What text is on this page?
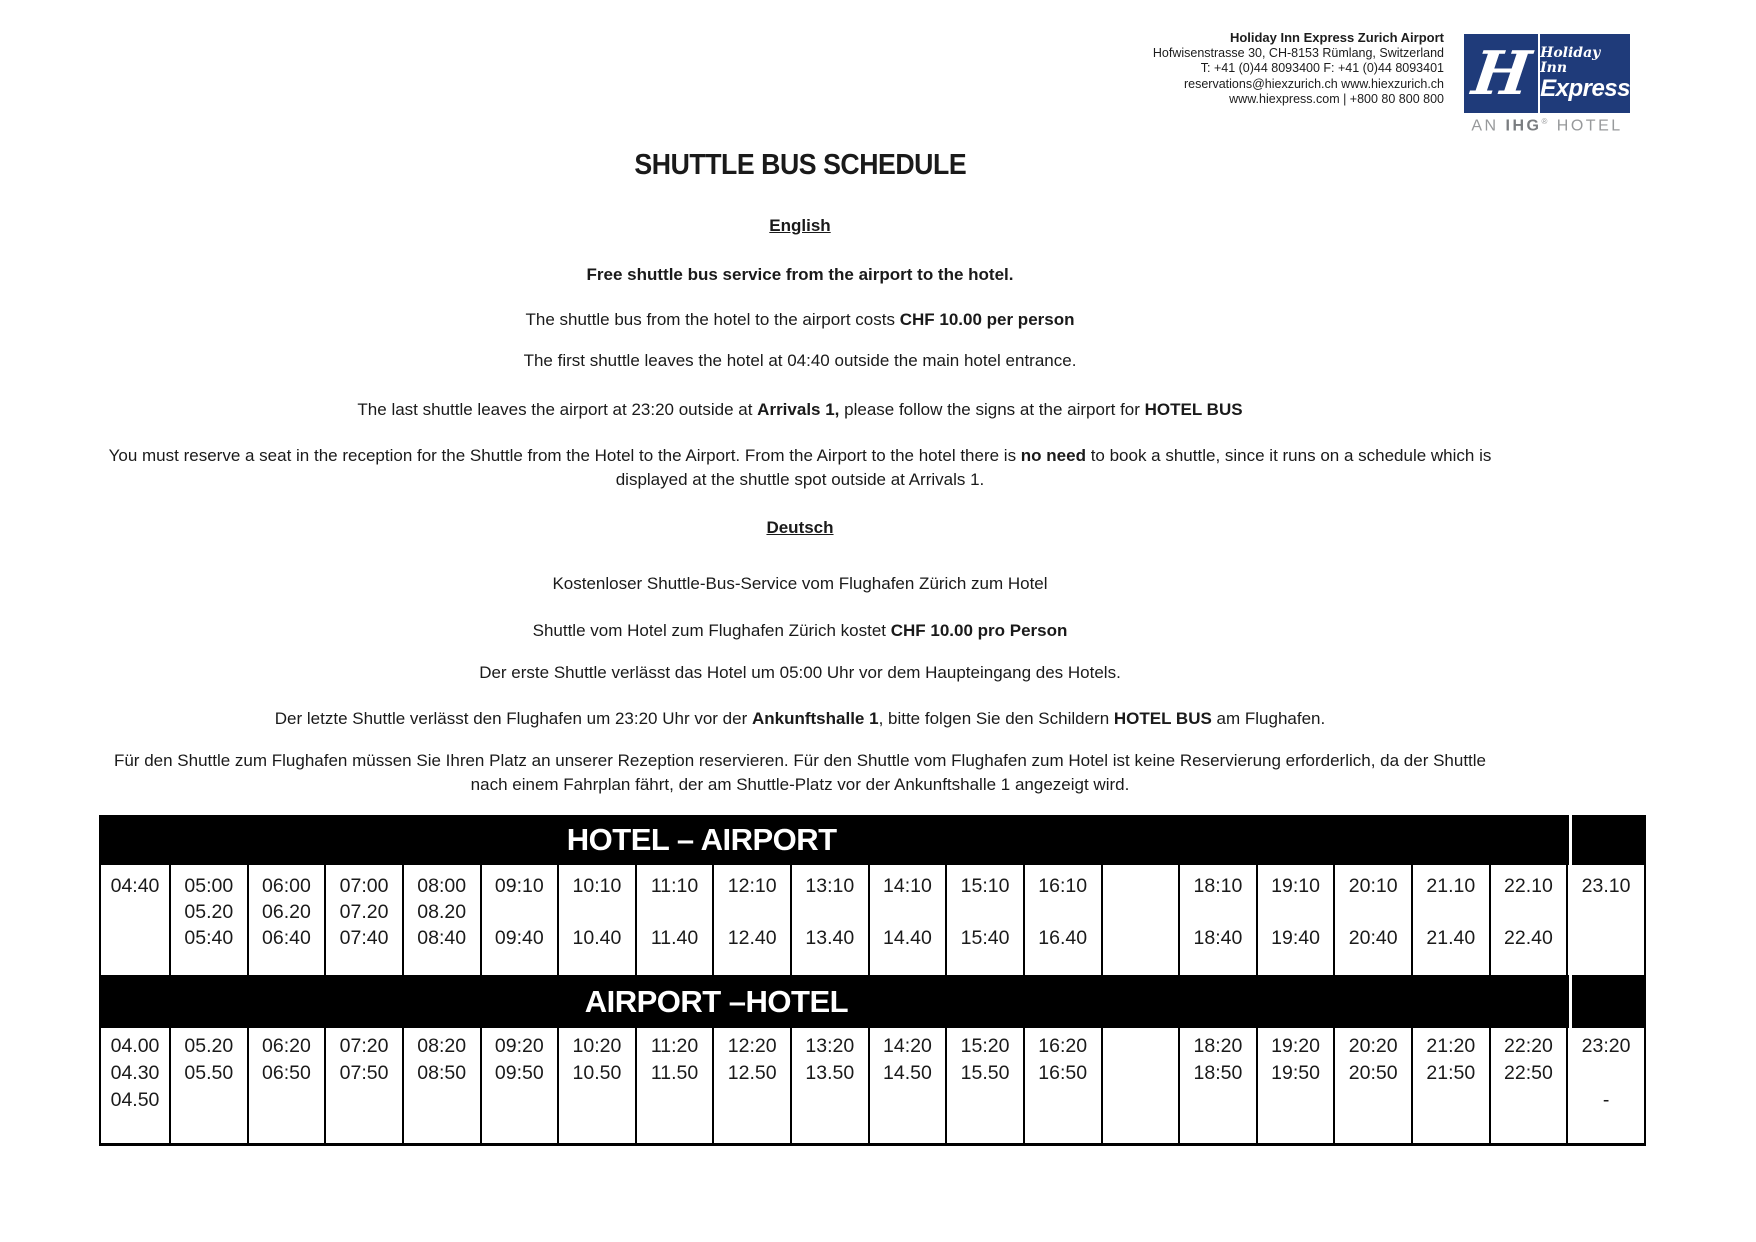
Holiday Inn Express Zurich Airport
Hofwisenstrasse 30, CH-8153 Rümlang, Switzerland
T: +41 (0)44 8093400 F: +41 (0)44 8093401
reservations@hiexzurich.ch www.hiexzurich.ch
www.hiexpress.com | +800 80 800 800 H Holiday Inn
Express
AN IHG® HOTEL
SHUTTLE BUS SCHEDULE
English
Free shuttle bus service from the airport to the hotel.
The shuttle bus from the hotel to the airport costs CHF 10.00 per person
The first shuttle leaves the hotel at 04:40 outside the main hotel entrance.
The last shuttle leaves the airport at 23:20 outside at Arrivals 1, please follow the signs at the airport for HOTEL BUS
You must reserve a seat in the reception for the Shuttle from the Hotel to the Airport. From the Airport to the hotel there is no need to book a shuttle, since it runs on a schedule which is displayed at the shuttle spot outside at Arrivals 1.
Deutsch
Kostenloser Shuttle-Bus-Service vom Flughafen Zürich zum Hotel
Shuttle vom Hotel zum Flughafen Zürich kostet CHF 10.00 pro Person
Der erste Shuttle verlässt das Hotel um 05:00 Uhr vor dem Haupteingang des Hotels.
Der letzte Shuttle verlässt den Flughafen um 23:20 Uhr vor der Ankunftshalle 1, bitte folgen Sie den Schildern HOTEL BUS am Flughafen.
Für den Shuttle zum Flughafen müssen Sie Ihren Platz an unserer Rezeption reservieren. Für den Shuttle vom Flughafen zum Hotel ist keine Reservierung erforderlich, da der Shuttle nach einem Fahrplan fährt, der am Shuttle-Platz vor der Ankunftshalle 1 angezeigt wird.
HOTEL – AIRPORT
04:40	05:00
05.20
05:40
06:00
06.20
06:40
07:00
07.20
07:40
08:00
08.20
08:40
09:10
09:40
10:10
10.40
11:10
11.40
12:10
12.40
13:10
13.40
14:10
14.40
15:10
15:40
16:10
16.40
18:10
18:40
19:10
19:40
20:10
20:40
21.10
21.40
22.10
22.40
23.10
AIRPORT –HOTEL
04.00
04.30
04.50
05.20
05.50
06:20
06:50
07:20
07:50
08:20
08:50
09:20
09:50
10:20
10.50
11:20
11.50
12:20
12.50
13:20
13.50
14:20
14.50
15:20
15.50
16:20
16:50
18:20
18:50
19:20
19:50
20:20
20:50
21:20
21:50
22:20
22:50
23:20
-
